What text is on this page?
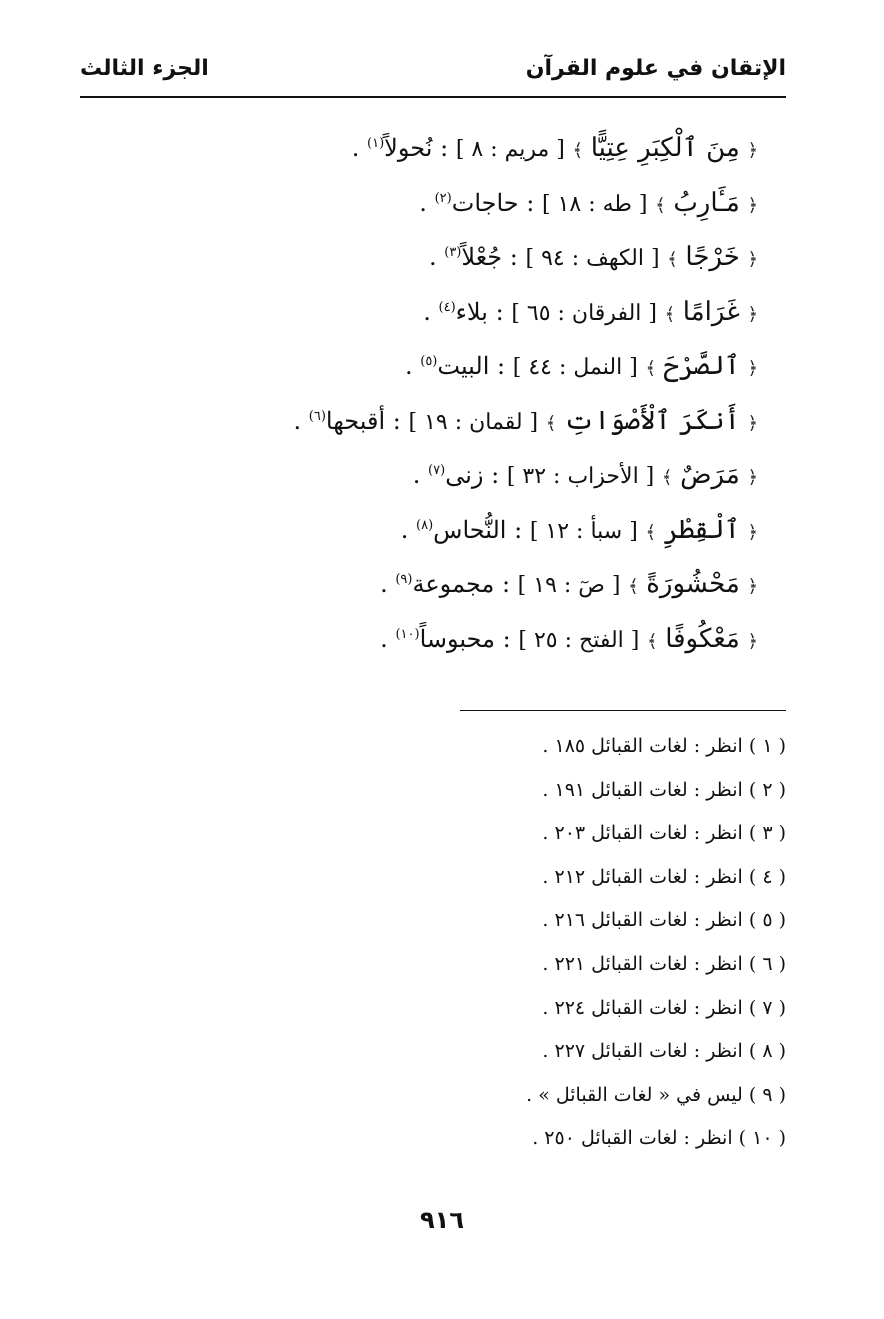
الإتقان في علوم القرآن
الجزء الثالث
﴿ مِنَ ٱلْكِبَرِ عِتِيًّا ﴾ [ مريم : ٨ ] : نُحولاً$^{(١)}$ .
﴿ مَـَٔارِبُ ﴾ [ طه : ١٨ ] : حاجات$^{(٢)}$ .
﴿ خَرْجًا ﴾ [ الكهف : ٩٤ ] : جُعْلاً$^{(٣)}$ .
﴿ غَرَامًا ﴾ [ الفرقان : ٦٥ ] : بلاء$^{(٤)}$ .
﴿ ٱلصَّرْحَ ﴾ [ النمل : ٤٤ ] : البيت$^{(٥)}$ .
﴿ أَنكَرَ ٱلْأَصْوَاتِ ﴾ [ لقمان : ١٩ ] : أقبحها$^{(٦)}$ .
﴿ مَرَضٌ ﴾ [ الأحزاب : ٣٢ ] : زنى$^{(٧)}$ .
﴿ ٱلْقِطْرِ ﴾ [ سبأ : ١٢ ] : النُّحاس$^{(٨)}$ .
﴿ مَحْشُورَةً ﴾ [ صٓ : ١٩ ] : مجموعة$^{(٩)}$ .
﴿ مَعْكُوفًا ﴾ [ الفتح : ٢٥ ] : محبوساً$^{(١٠)}$ .
( ١ ) انظر : لغات القبائل ١٨٥ .
( ٢ ) انظر : لغات القبائل ١٩١ .
( ٣ ) انظر : لغات القبائل ٢٠٣ .
( ٤ ) انظر : لغات القبائل ٢١٢ .
( ٥ ) انظر : لغات القبائل ٢١٦ .
( ٦ ) انظر : لغات القبائل ٢٢١ .
( ٧ ) انظر : لغات القبائل ٢٢٤ .
( ٨ ) انظر : لغات القبائل ٢٢٧ .
( ٩ ) ليس في « لغات القبائل » .
( ١٠ ) انظر : لغات القبائل ٢٥٠ .
٩١٦
